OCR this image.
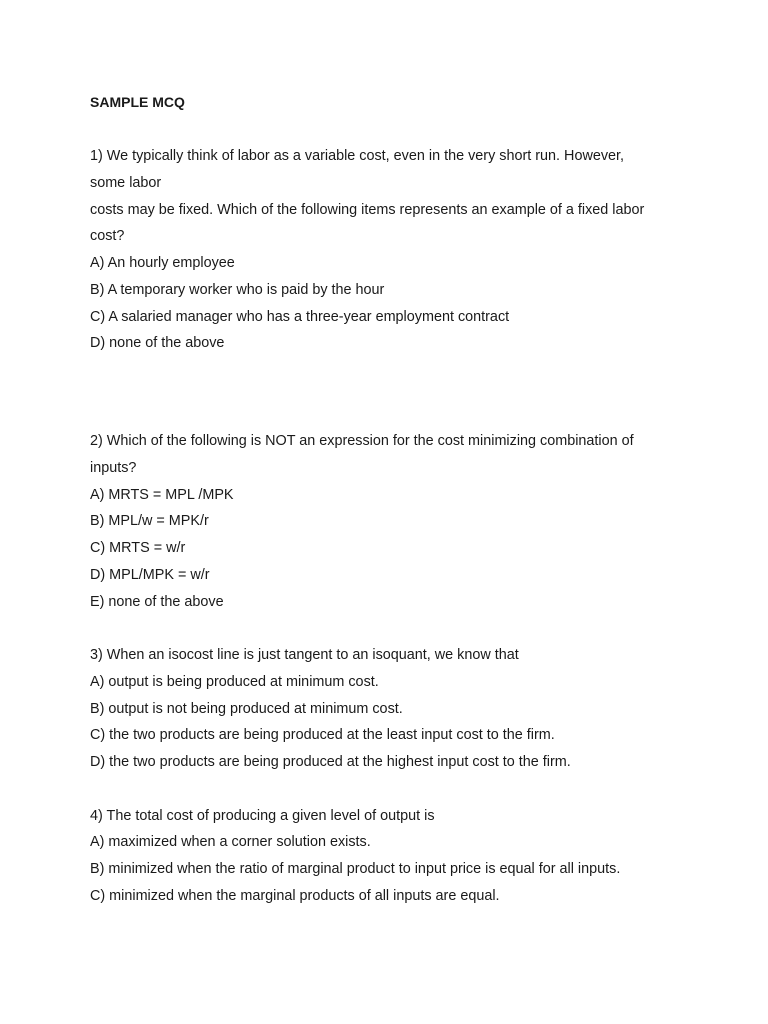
SAMPLE MCQ
1) We typically think of labor as a variable cost, even in the very short run. However,
some labor
costs may be fixed. Which of the following items represents an example of a fixed labor
cost?
A) An hourly employee
B) A temporary worker who is paid by the hour
C) A salaried manager who has a three-year employment contract
D) none of the above
2) Which of the following is NOT an expression for the cost minimizing combination of
inputs?
A) MRTS = MPL /MPK
B) MPL/w = MPK/r
C) MRTS = w/r
D) MPL/MPK = w/r
E) none of the above
3) When an isocost line is just tangent to an isoquant, we know that
A) output is being produced at minimum cost.
B) output is not being produced at minimum cost.
C) the two products are being produced at the least input cost to the firm.
D) the two products are being produced at the highest input cost to the firm.
4) The total cost of producing a given level of output is
A) maximized when a corner solution exists.
B) minimized when the ratio of marginal product to input price is equal for all inputs.
C) minimized when the marginal products of all inputs are equal.
